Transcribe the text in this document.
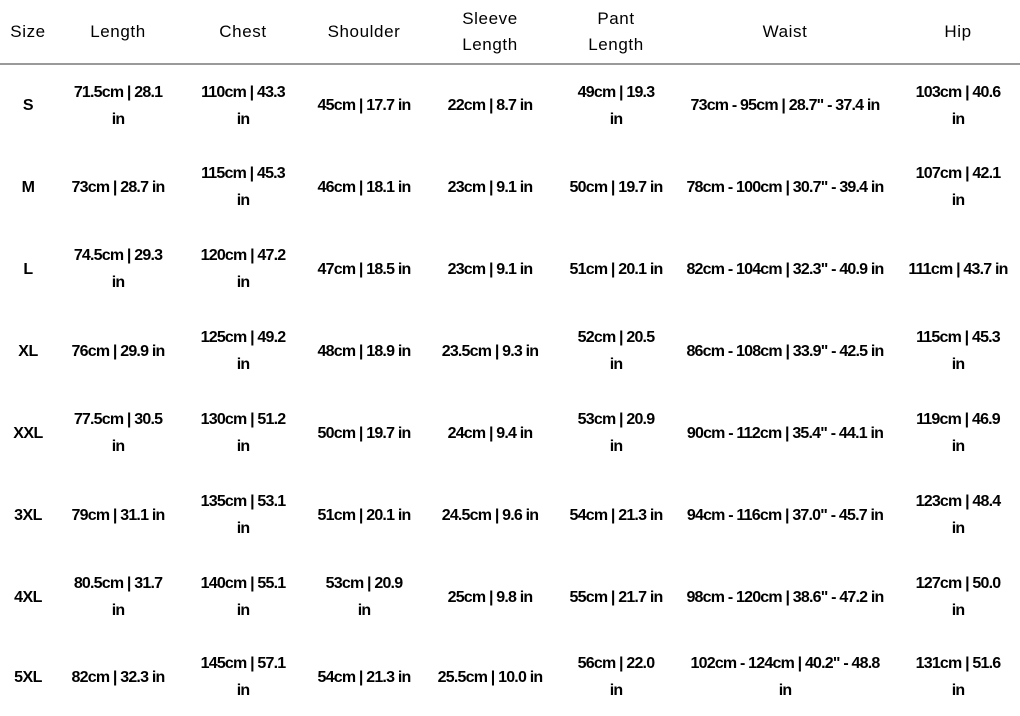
Size	Length	Chest	Shoulder	Sleeve Length	Pant Length	Waist	Hip
S	71.5cm | 28.1 in	110cm | 43.3 in	45cm | 17.7 in	22cm | 8.7 in	49cm | 19.3 in	73cm - 95cm | 28.7" - 37.4 in	103cm | 40.6 in
M	73cm | 28.7 in	115cm | 45.3 in	46cm | 18.1 in	23cm | 9.1 in	50cm | 19.7 in	78cm - 100cm | 30.7" - 39.4 in	107cm | 42.1 in
L	74.5cm | 29.3 in	120cm | 47.2 in	47cm | 18.5 in	23cm | 9.1 in	51cm | 20.1 in	82cm - 104cm | 32.3" - 40.9 in	111cm | 43.7 in
XL	76cm | 29.9 in	125cm | 49.2 in	48cm | 18.9 in	23.5cm | 9.3 in	52cm | 20.5 in	86cm - 108cm | 33.9" - 42.5 in	115cm | 45.3 in
XXL	77.5cm | 30.5 in	130cm | 51.2 in	50cm | 19.7 in	24cm | 9.4 in	53cm | 20.9 in	90cm - 112cm | 35.4" - 44.1 in	119cm | 46.9 in
3XL	79cm | 31.1 in	135cm | 53.1 in	51cm | 20.1 in	24.5cm | 9.6 in	54cm | 21.3 in	94cm - 116cm | 37.0" - 45.7 in	123cm | 48.4 in
4XL	80.5cm | 31.7 in	140cm | 55.1 in	53cm | 20.9 in	25cm | 9.8 in	55cm | 21.7 in	98cm - 120cm | 38.6" - 47.2 in	127cm | 50.0 in
5XL	82cm | 32.3 in	145cm | 57.1 in	54cm | 21.3 in	25.5cm | 10.0 in	56cm | 22.0 in	102cm - 124cm | 40.2" - 48.8 in	131cm | 51.6 in
